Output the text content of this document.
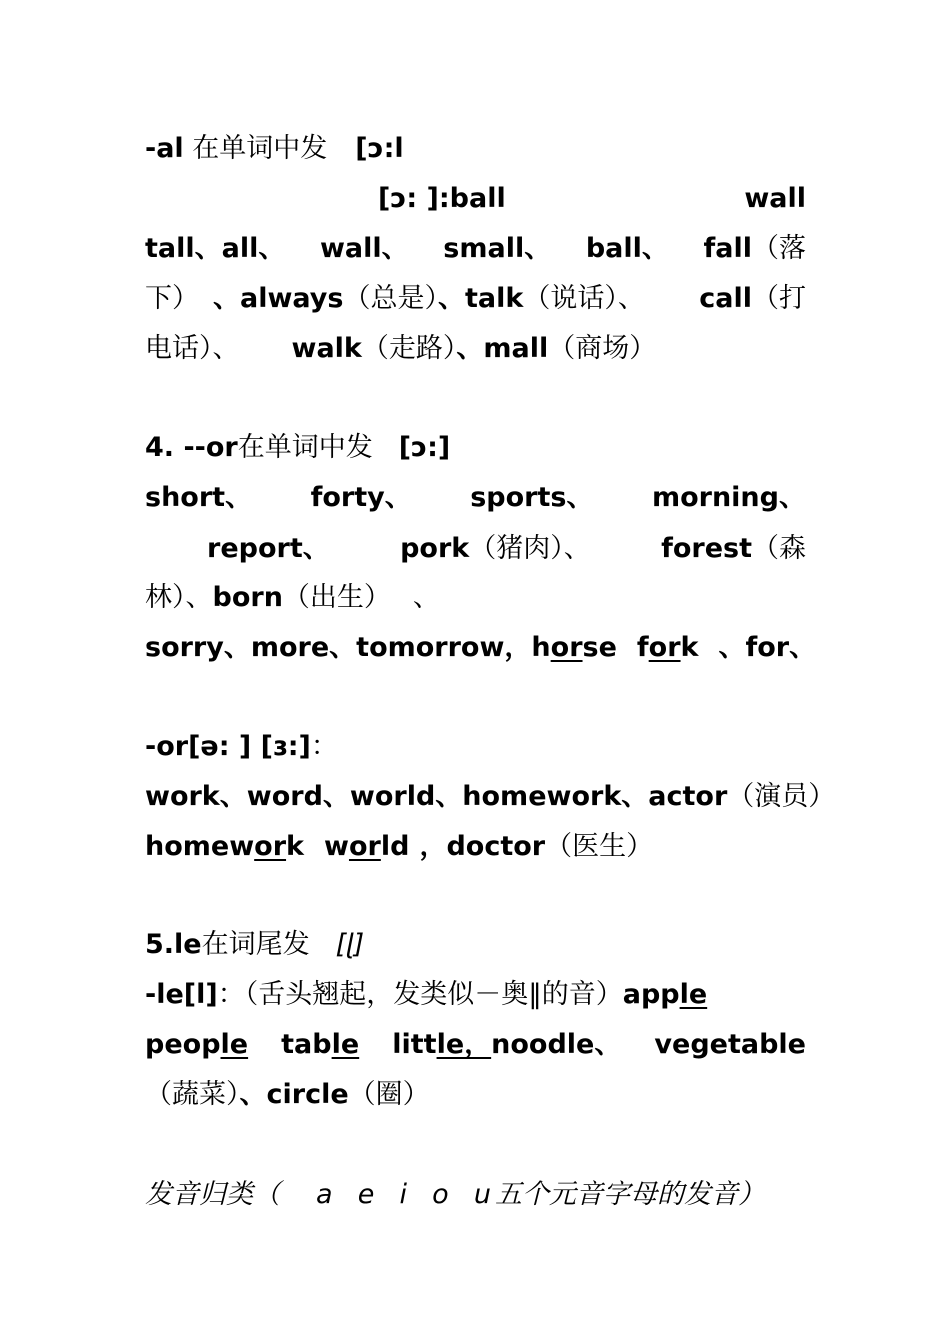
-al 在单词中发 [ɔ:l
[ɔ: ]:ball	wall
tall、all、 wall、 small、 ball、 fall（落
下） 、always（总是）、talk（说话）、 call（打
电话）、 walk（走路）、mall（商场）
4. --or在单词中发 [ɔ:]
short、 forty、 sports、 morning、
report、	pork（猪肉）、	forest（森
林）、born（出生） 、
sorry、more、tomorrow，horse fork 、for、
-or[ə: ] [ɜ:]：
work、word、world、homework、actor（演员）
homework world ，doctor（医生）
5.le在词尾发 [ɭ]
-le[l]：（舌头翘起，发类似－奥‖的音）apple
people table little，noodle、 vegetable
（蔬菜）、circle（圈）
发音归类（ a  e  i  o  u 五个元音字母的发音）
